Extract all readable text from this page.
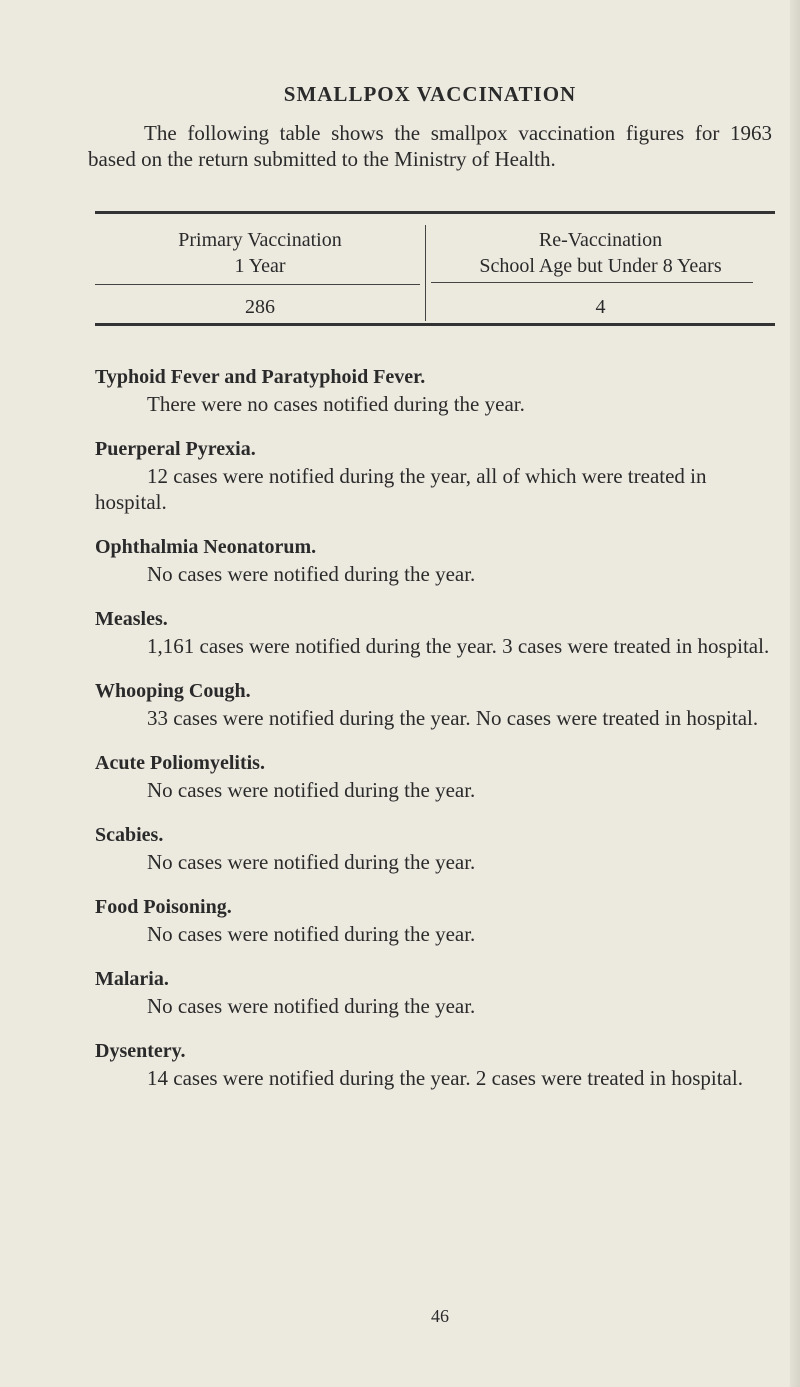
SMALLPOX VACCINATION
The following table shows the smallpox vaccination figures for 1963 based on the return submitted to the Ministry of Health.
Primary Vaccination
1 Year
Re-Vaccination
School Age but Under 8 Years
286	4
Typhoid Fever and Paratyphoid Fever.
There were no cases notified during the year.
Puerperal Pyrexia.
12 cases were notified during the year, all of which were treated in hospital.
Ophthalmia Neonatorum.
No cases were notified during the year.
Measles.
1,161 cases were notified during the year. 3 cases were treated in hospital.
Whooping Cough.
33 cases were notified during the year. No cases were treated in hospital.
Acute Poliomyelitis.
No cases were notified during the year.
Scabies.
No cases were notified during the year.
Food Poisoning.
No cases were notified during the year.
Malaria.
No cases were notified during the year.
Dysentery.
14 cases were notified during the year. 2 cases were treated in hospital.
46
